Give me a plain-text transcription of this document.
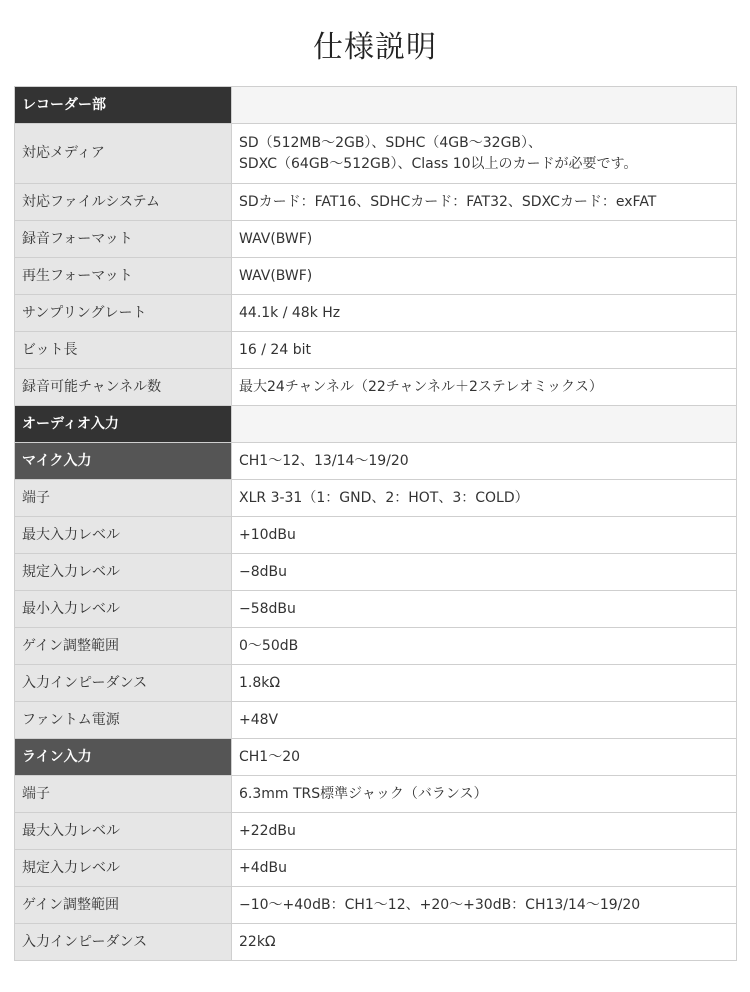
仕様説明
レコーダー部	
対応メディア	SD（512MB〜2GB）、SDHC（4GB〜32GB）、
SDXC（64GB〜512GB）、Class 10以上のカードが必要です。

対応ファイルシステム	SDカード：FAT16、SDHCカード：FAT32、SDXCカード：exFAT
録音フォーマット	WAV(BWF)
再生フォーマット	WAV(BWF)
サンプリングレート	44.1k / 48k Hz
ビット長	16 / 24 bit
録音可能チャンネル数	最大24チャンネル（22チャンネル＋2ステレオミックス）
オーディオ入力	
マイク入力	CH1〜12、13/14〜19/20
端子	XLR 3-31（1：GND、2：HOT、3：COLD）
最大入力レベル	+10dBu
規定入力レベル	−8dBu
最小入力レベル	−58dBu
ゲイン調整範囲	0〜50dB
入力インピーダンス	1.8kΩ
ファントム電源	+48V
ライン入力	CH1〜20
端子	6.3mm TRS標準ジャック（バランス）
最大入力レベル	+22dBu
規定入力レベル	+4dBu
ゲイン調整範囲	−10〜+40dB：CH1〜12、+20〜+30dB：CH13/14〜19/20
入力インピーダンス	22kΩ
